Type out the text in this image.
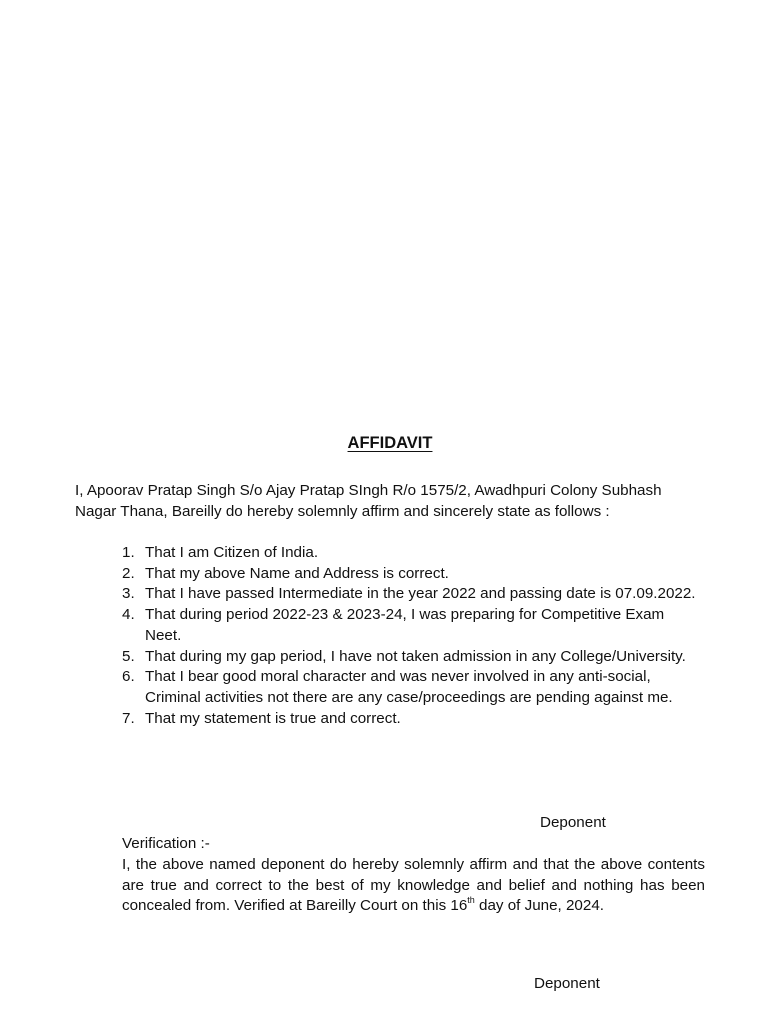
AFFIDAVIT
I, Apoorav Pratap Singh S/o Ajay Pratap SIngh R/o 1575/2, Awadhpuri Colony Subhash Nagar Thana, Bareilly do hereby solemnly affirm and sincerely state as follows :
1. That I am Citizen of India.
2. That my above Name and Address is correct.
3. That I have passed Intermediate in the year 2022 and passing date is 07.09.2022.
4. That during period 2022-23 & 2023-24, I was preparing for Competitive Exam Neet.
5. That during my gap period, I have not taken admission in any College/University.
6. That I bear good moral character and was never involved in any anti-social, Criminal activities not there are any case/proceedings are pending against me.
7. That my statement is true and correct.
Deponent
Verification :-
I, the above named deponent do hereby solemnly affirm and that the above contents are true and correct to the best of my knowledge and belief and nothing has been concealed from. Verified at Bareilly Court on this 16th day of June, 2024.
Deponent
